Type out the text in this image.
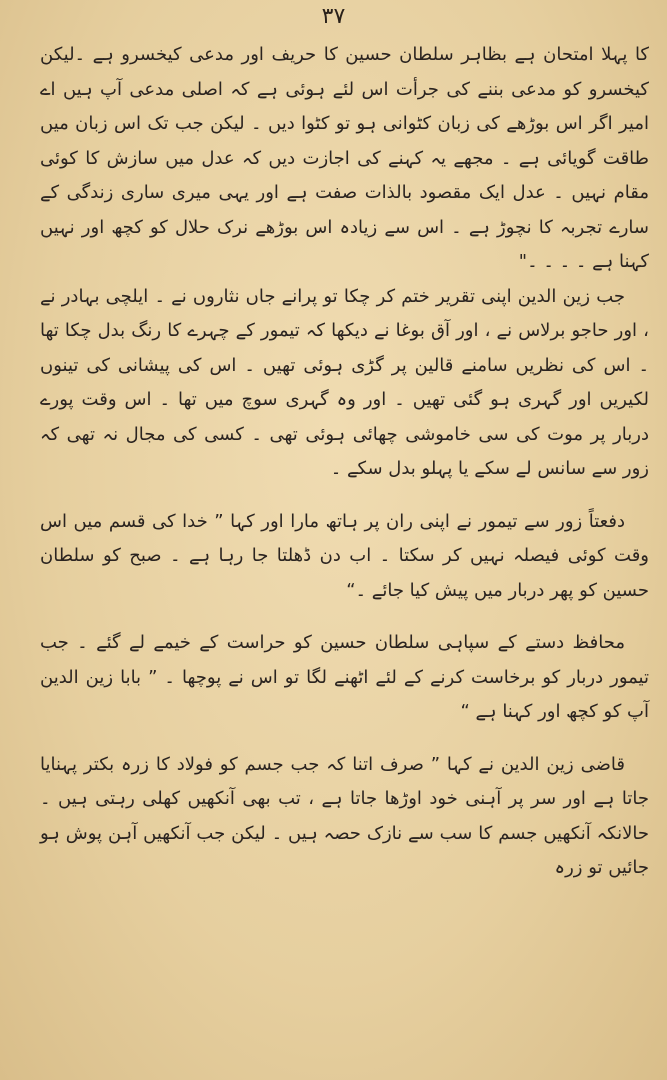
۳۷

کا پہلا امتحان ہے بظاہر سلطان حسین کا حریف اور مدعی کیخسرو ہے ۔لیکن کیخسرو کو مدعی بننے کی جرأت اس لئے ہوئی ہے کہ اصلی مدعی آپ ہیں اے امیر اگر اس بوڑھے کی زبان کٹوانی ہو تو کٹوا دیں ۔ لیکن جب تک اس زبان میں طاقت گویائی ہے ۔ مجھے یہ کہنے کی اجازت دیں کہ عدل میں سازش کا کوئی مقام نہیں ۔ عدل ایک مقصود بالذات صفت ہے اور یہی میری ساری زندگی کے سارے تجربہ کا نچوڑ ہے ۔ اس سے زیادہ اس بوڑھے نرک حلال کو کچھ اور نہیں کہنا ہے ۔ ۔ ۔ ۔"

جب زین الدین اپنی تقریر ختم کر چکا تو پرانے جاں نثاروں نے ۔ ایلچی بہادر نے ، اور حاجو برلاس نے ، اور آق بوغا نے دیکھا کہ تیمور کے چہرے کا رنگ بدل چکا تھا ۔ اس کی نظریں سامنے قالین پر گڑی ہوئی تھیں ۔ اس کی پیشانی کی تینوں لکیریں اور گہری ہو گئی تھیں ۔ اور وہ گہری سوچ میں تھا ۔ اس وقت پورے دربار پر موت کی سی خاموشی چھائی ہوئی تھی ۔ کسی کی مجال نہ تھی کہ زور سے سانس لے سکے یا پہلو بدل سکے ۔

دفعتاً زور سے تیمور نے اپنی ران پر ہاتھ مارا اور کہا ” خدا کی قسم میں اس وقت کوئی فیصلہ نہیں کر سکتا ۔ اب دن ڈھلتا جا رہا ہے ۔ صبح کو سلطان حسین کو پھر دربار میں پیش کیا جائے ۔“

محافظ دستے کے سپاہی سلطان حسین کو حراست کے خیمے لے گئے ۔ جب تیمور دربار کو برخاست کرنے کے لئے اٹھنے لگا تو اس نے پوچھا ۔ ” بابا زین الدین آپ کو کچھ اور کہنا ہے “

قاضی زین الدین نے کہا ” صرف اتنا کہ جب جسم کو فولاد کا زرہ بکتر پہنایا جاتا ہے اور سر پر آہنی خود اوڑھا جاتا ہے ، تب بھی آنکھیں کھلی رہتی ہیں ۔ حالانکہ آنکھیں جسم کا سب سے نازک حصہ ہیں ۔ لیکن جب آنکھیں آہن پوش ہو جائیں تو زرہ
